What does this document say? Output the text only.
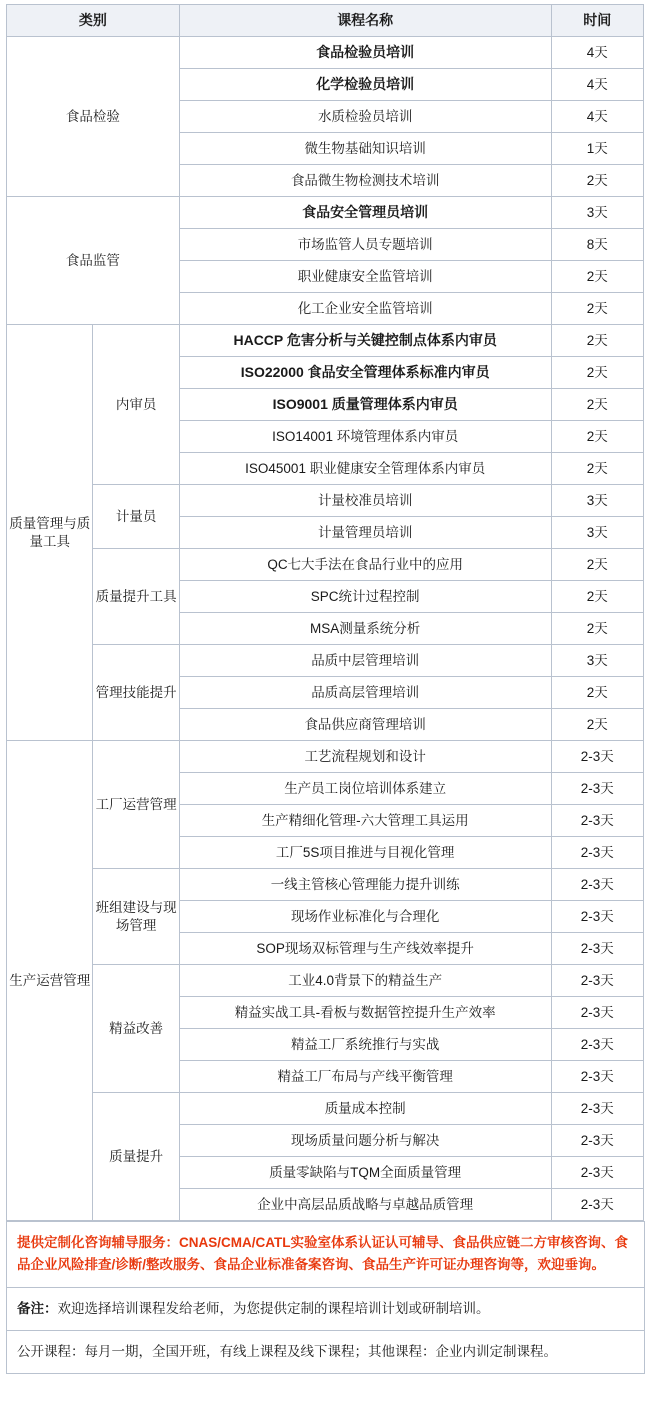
类别		课程名称	时间
食品检验		食品检验员培训	4天
		化学检验员培训	4天
		水质检验员培训	4天
		微生物基础知识培训	1天
		食品微生物检测技术培训	2天
食品监管		食品安全管理员培训	3天
		市场监管人员专题培训	8天
		职业健康安全监管培训	2天
		化工企业安全监管培训	2天
质量管理与质量工具	内审员	HACCP 危害分析与关键控制点体系内审员	2天
		ISO22000 食品安全管理体系标准内审员	2天
		ISO9001 质量管理体系内审员	2天
		ISO14001 环境管理体系内审员	2天
		ISO45001 职业健康安全管理体系内审员	2天
	计量员	计量校准员培训	3天
		计量管理员培训	3天
	质量提升工具	QC七大手法在食品行业中的应用	2天
		SPC统计过程控制	2天
		MSA测量系统分析	2天
	管理技能提升	品质中层管理培训	3天
		品质高层管理培训	2天
		食品供应商管理培训	2天
生产运营管理	工厂运营管理	工艺流程规划和设计	2-3天
		生产员工岗位培训体系建立	2-3天
		生产精细化管理-六大管理工具运用	2-3天
		工厂5S项目推进与目视化管理	2-3天
	班组建设与现场管理	一线主管核心管理能力提升训练	2-3天
		现场作业标准化与合理化	2-3天
		SOP现场双标管理与生产线效率提升	2-3天
	精益改善	工业4.0背景下的精益生产	2-3天
		精益实战工具-看板与数据管控提升生产效率	2-3天
		精益工厂系统推行与实战	2-3天
		精益工厂布局与产线平衡管理	2-3天
	质量提升	质量成本控制	2-3天
		现场质量问题分析与解决	2-3天
		质量零缺陷与TQM全面质量管理	2-3天
		企业中高层品质战略与卓越品质管理	2-3天
提供定制化咨询辅导服务：CNAS/CMA/CATL实验室体系认证认可辅导、食品供应链二方审核咨询、食品企业风险排查/诊断/整改服务、食品企业标准备案咨询、食品生产许可证办理咨询等，欢迎垂询。
备注：欢迎选择培训课程发给老师，为您提供定制的课程培训计划或研制培训。
公开课程：每月一期，全国开班，有线上课程及线下课程；其他课程：企业内训定制课程。
